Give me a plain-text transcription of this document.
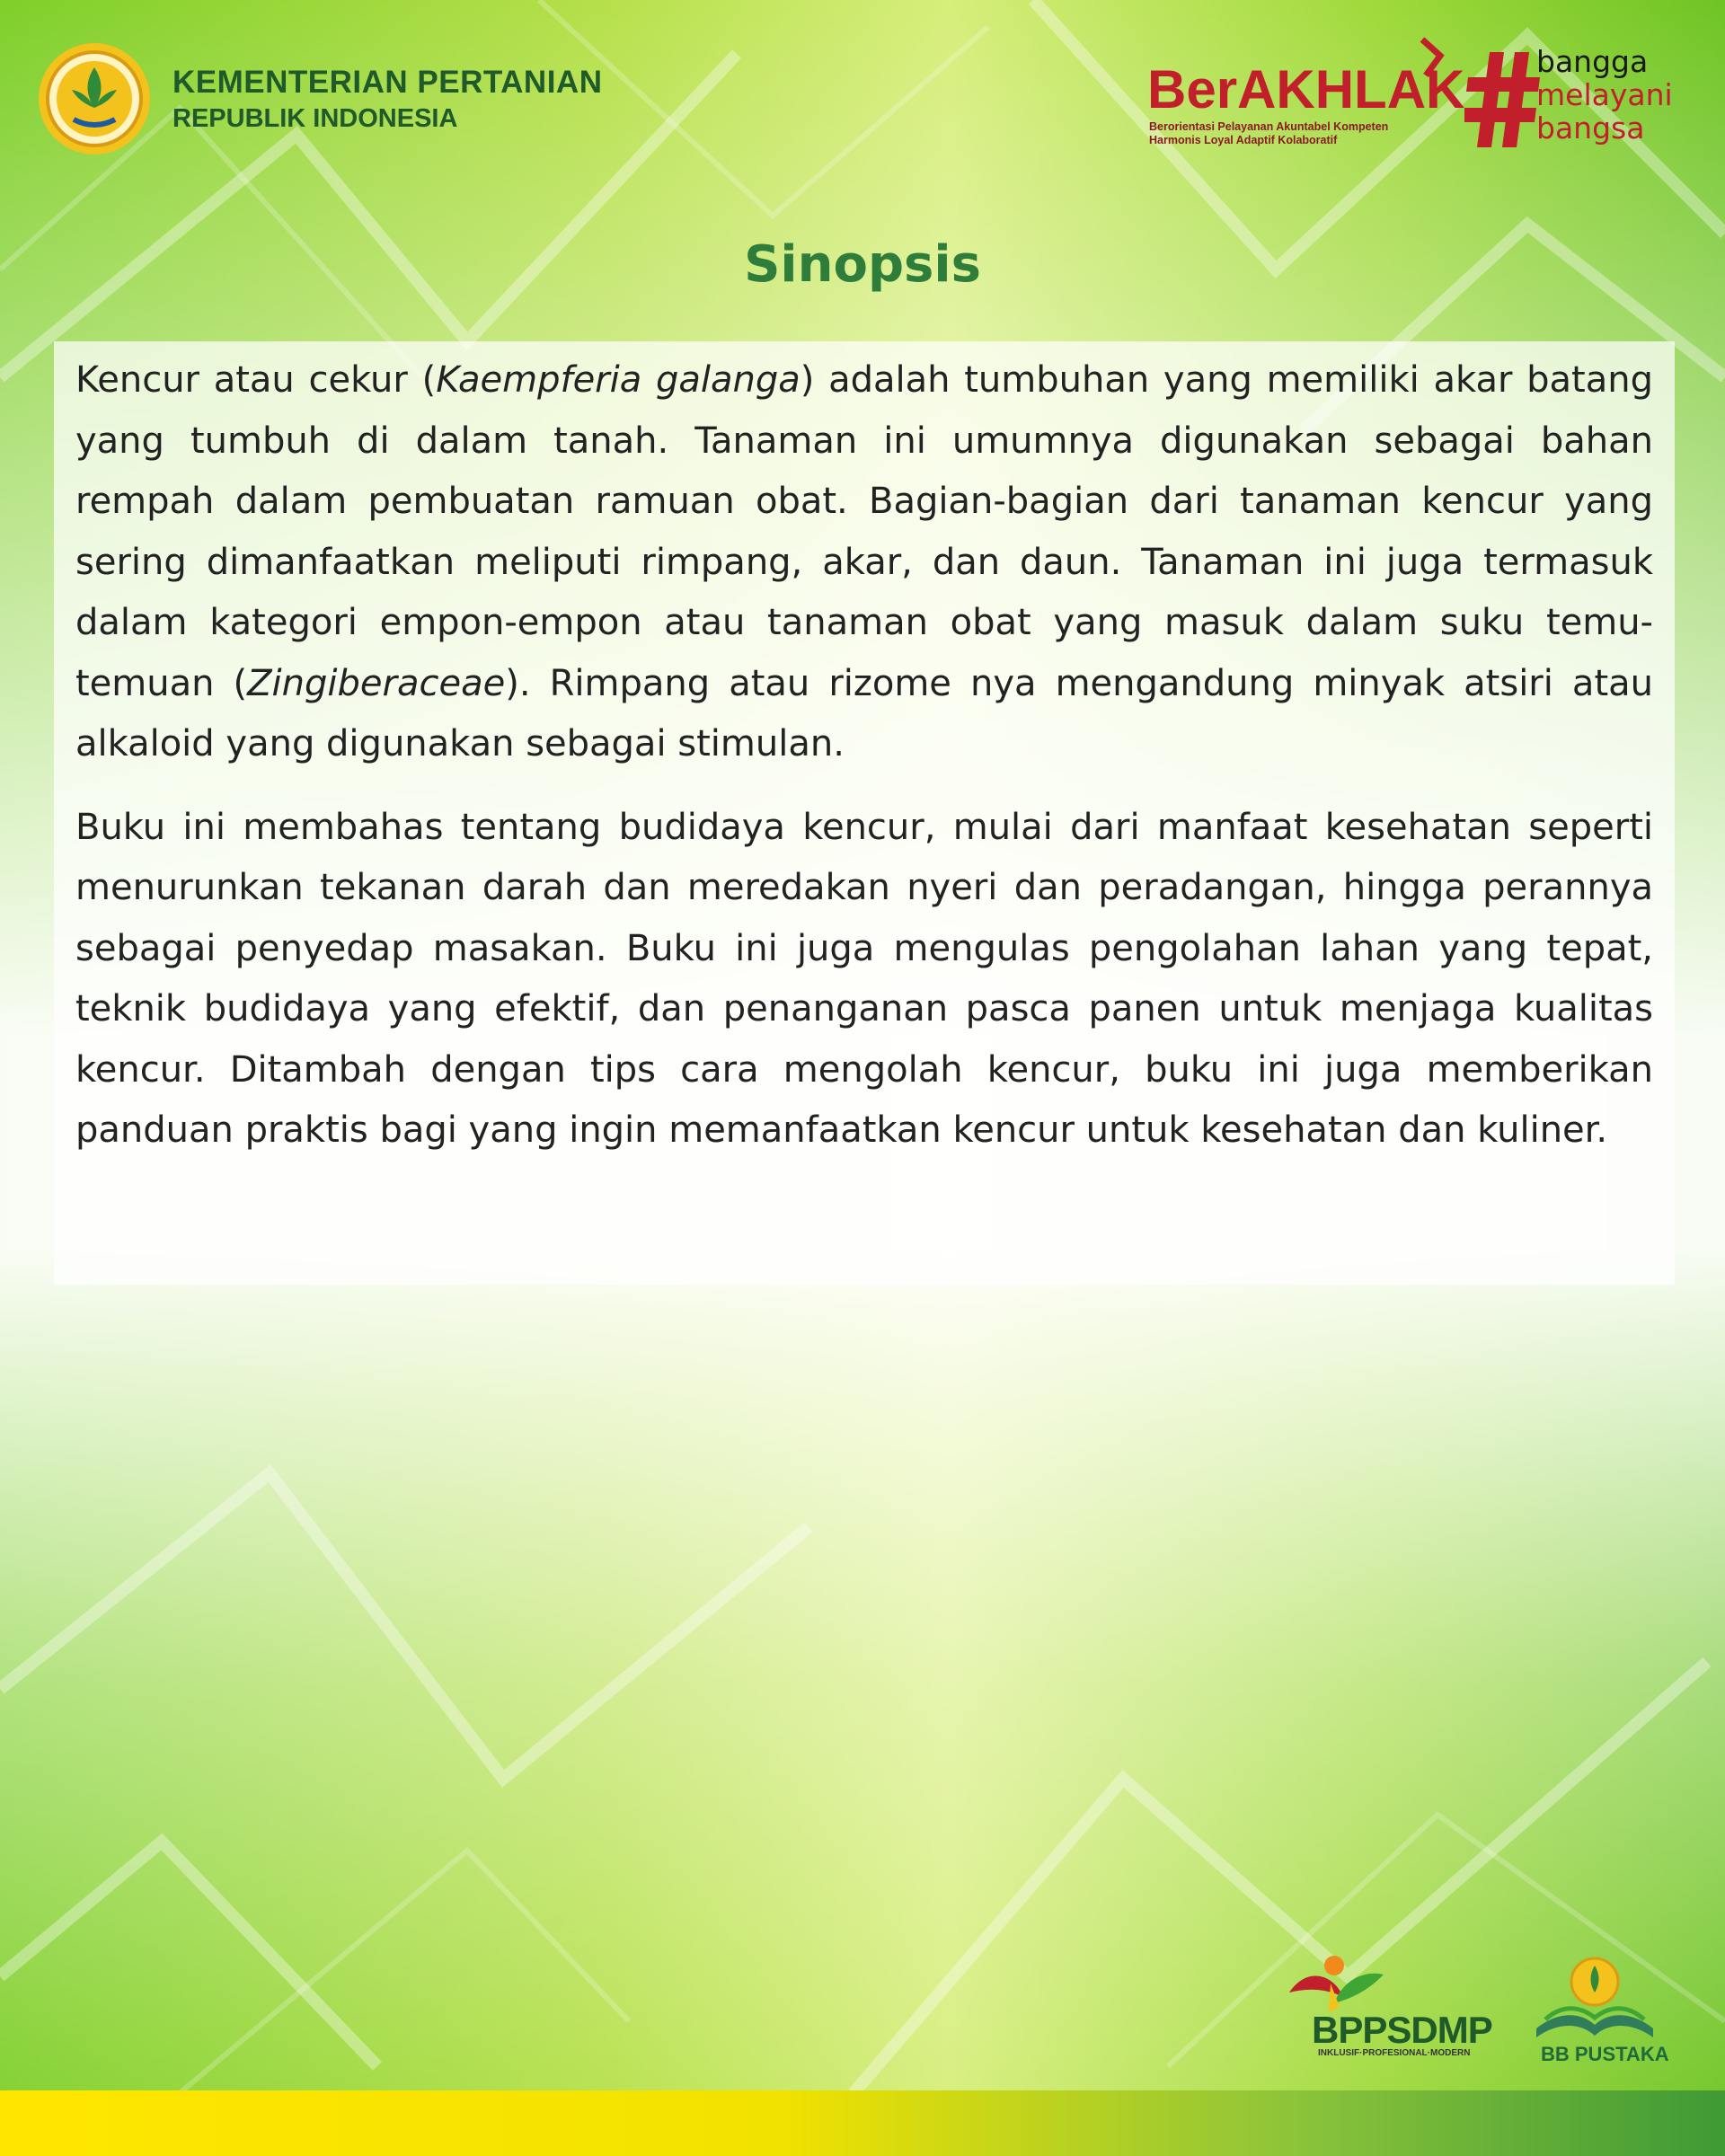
KEMENTERIAN PERTANIAN
REPUBLIK INDONESIA	BerAKHLAK
Berorientasi Pelayanan Akuntabel Kompeten
Harmonis Loyal Adaptif Kolaboratif
bangga
melayani
bangsa
Sinopsis

Kencur atau cekur (Kaempferia galanga) adalah tumbuhan yang memiliki akar batang yang tumbuh di dalam tanah. Tanaman ini umumnya digunakan sebagai bahan rempah dalam pembuatan ramuan obat. Bagian-bagian dari tanaman kencur yang sering dimanfaatkan meliputi rimpang, akar, dan daun. Tanaman ini juga termasuk dalam kategori empon-empon atau tanaman obat yang masuk dalam suku temu-temuan (Zingiberaceae). Rimpang atau rizome nya mengandung minyak atsiri atau alkaloid yang digunakan sebagai stimulan.

Buku ini membahas tentang budidaya kencur, mulai dari manfaat kesehatan seperti menurunkan tekanan darah dan meredakan nyeri dan peradangan, hingga perannya sebagai penyedap masakan. Buku ini juga mengulas pengolahan lahan yang tepat, teknik budidaya yang efektif, dan penanganan pasca panen untuk menjaga kualitas kencur. Ditambah dengan tips cara mengolah kencur, buku ini juga memberikan panduan praktis bagi yang ingin memanfaatkan kencur untuk kesehatan dan kuliner.

BPPSDMP
INKLUSIF·PROFESIONAL·MODERN	BB PUSTAKA
